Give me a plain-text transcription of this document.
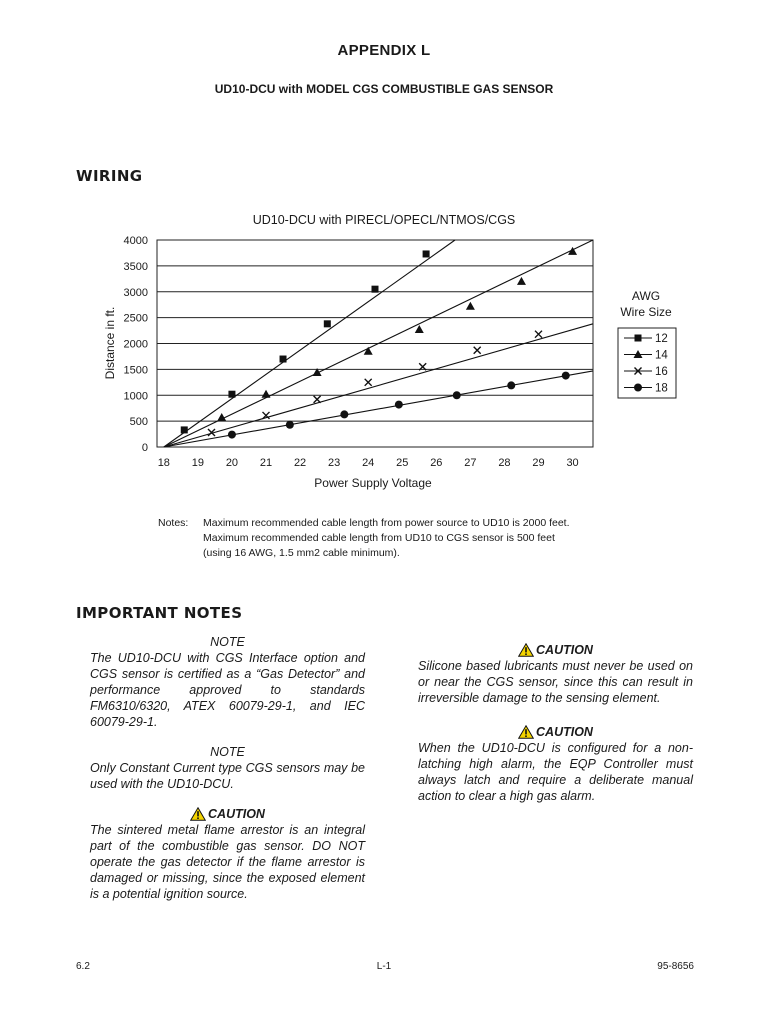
APPENDIX L
UD10-DCU with MODEL CGS COMBUSTIBLE GAS SENSOR
WIRING
UD10-DCU with PIRECL/OPECL/NTMOS/CGS
0
500
1000
1500
2000
2500
3000
3500
4000
18 19 20 21 22 23 24 25 26 27 28 29 30
Power Supply Voltage
Distance in ft.
AWG
Wire Size
12
14
16
18
Notes: Maximum recommended cable length from power source to UD10 is 2000 feet.
Maximum recommended cable length from UD10 to CGS sensor is 500 feet
(using 16 AWG, 1.5 mm2 cable minimum).
IMPORTANT NOTES
NOTE
The UD10-DCU with CGS Interface option and CGS sensor is certified as a “Gas Detector” and performance approved to standards FM6310/6320, ATEX 60079-29-1, and IEC 60079-29-1.
NOTE
Only Constant Current type CGS sensors may be used with the UD10-DCU.
CAUTION
The sintered metal flame arrestor is an integral part of the combustible gas sensor. DO NOT operate the gas detector if the flame arrestor is damaged or missing, since the exposed element is a potential ignition source.
CAUTION
Silicone based lubricants must never be used on or near the CGS sensor, since this can result in irreversible damage to the sensing element.
CAUTION
When the UD10-DCU is configured for a non-latching high alarm, the EQP Controller must always latch and require a deliberate manual action to clear a high gas alarm.
6.2	L-1	95-8656
